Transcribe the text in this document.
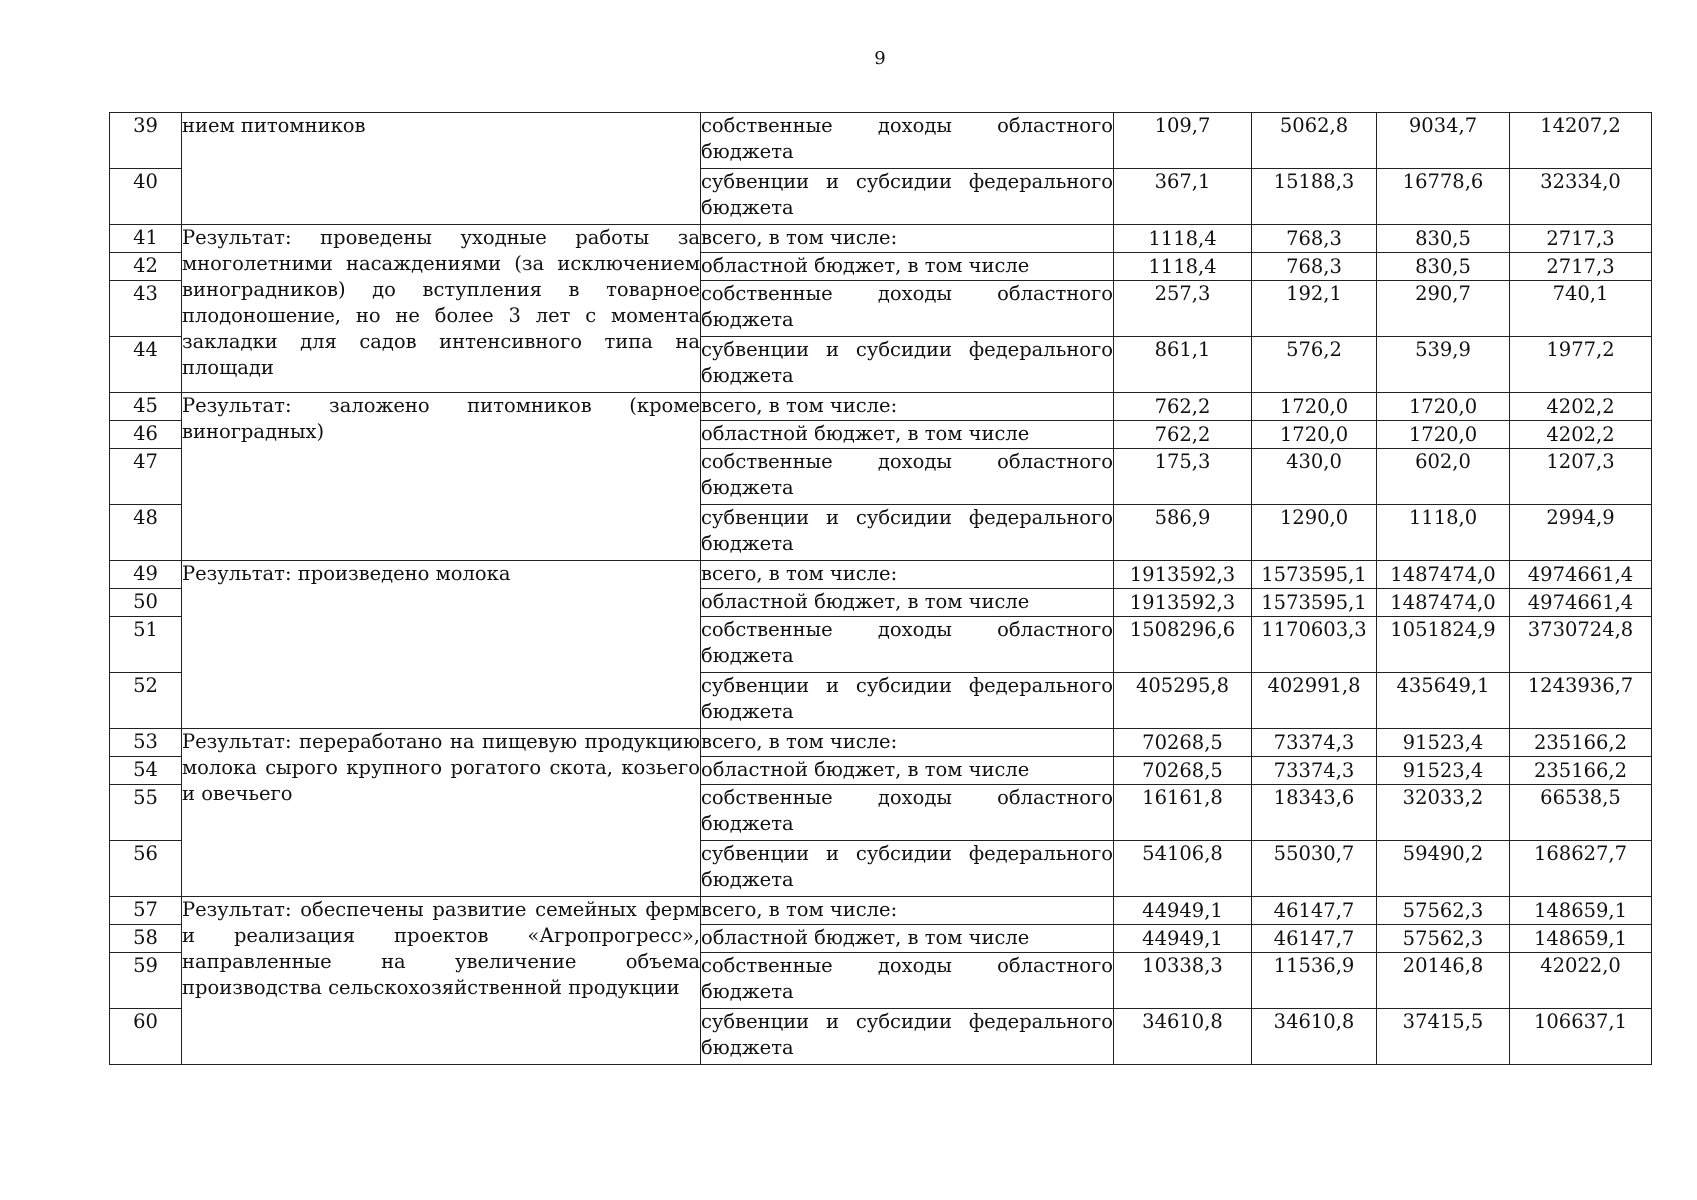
9
39	нием питомников	собственные доходы областного
бюджета	109,7	5062,8	9034,7	14207,2
40		субвенции и субсидии федерального
бюджета	367,1	15188,3	16778,6	32334,0
41	Результат: проведены уходные работы за многолетними насаждениями (за исключением виноградников) до вступления в товарное плодоношение, но не более 3 лет с момента закладки для садов интенсивного типа на площади	всего, в том числе:	1118,4	768,3	830,5	2717,3
42		областной бюджет, в том числе	1118,4	768,3	830,5	2717,3
43		собственные доходы областного
бюджета	257,3	192,1	290,7	740,1
44		субвенции и субсидии федерального
бюджета	861,1	576,2	539,9	1977,2
45	Результат: заложено питомников (кроме виноградных)	всего, в том числе:	762,2	1720,0	1720,0	4202,2
46		областной бюджет, в том числе	762,2	1720,0	1720,0	4202,2
47		собственные доходы областного
бюджета	175,3	430,0	602,0	1207,3
48		субвенции и субсидии федерального
бюджета	586,9	1290,0	1118,0	2994,9
49	Результат: произведено молока	всего, в том числе:	1913592,3	1573595,1	1487474,0	4974661,4
50		областной бюджет, в том числе	1913592,3	1573595,1	1487474,0	4974661,4
51		собственные доходы областного
бюджета	1508296,6	1170603,3	1051824,9	3730724,8
52		субвенции и субсидии федерального
бюджета	405295,8	402991,8	435649,1	1243936,7
53	Результат: переработано на пищевую продукцию молока сырого крупного рогатого скота, козьего и овечьего	всего, в том числе:	70268,5	73374,3	91523,4	235166,2
54		областной бюджет, в том числе	70268,5	73374,3	91523,4	235166,2
55		собственные доходы областного
бюджета	16161,8	18343,6	32033,2	66538,5
56		субвенции и субсидии федерального
бюджета	54106,8	55030,7	59490,2	168627,7
57	Результат: обеспечены развитие семейных ферм и реализация проектов «Агропрогресс», направленные на увеличение объема производства сельскохозяйственной продукции	всего, в том числе:	44949,1	46147,7	57562,3	148659,1
58		областной бюджет, в том числе	44949,1	46147,7	57562,3	148659,1
59		собственные доходы областного
бюджета	10338,3	11536,9	20146,8	42022,0
60		субвенции и субсидии федерального
бюджета	34610,8	34610,8	37415,5	106637,1
